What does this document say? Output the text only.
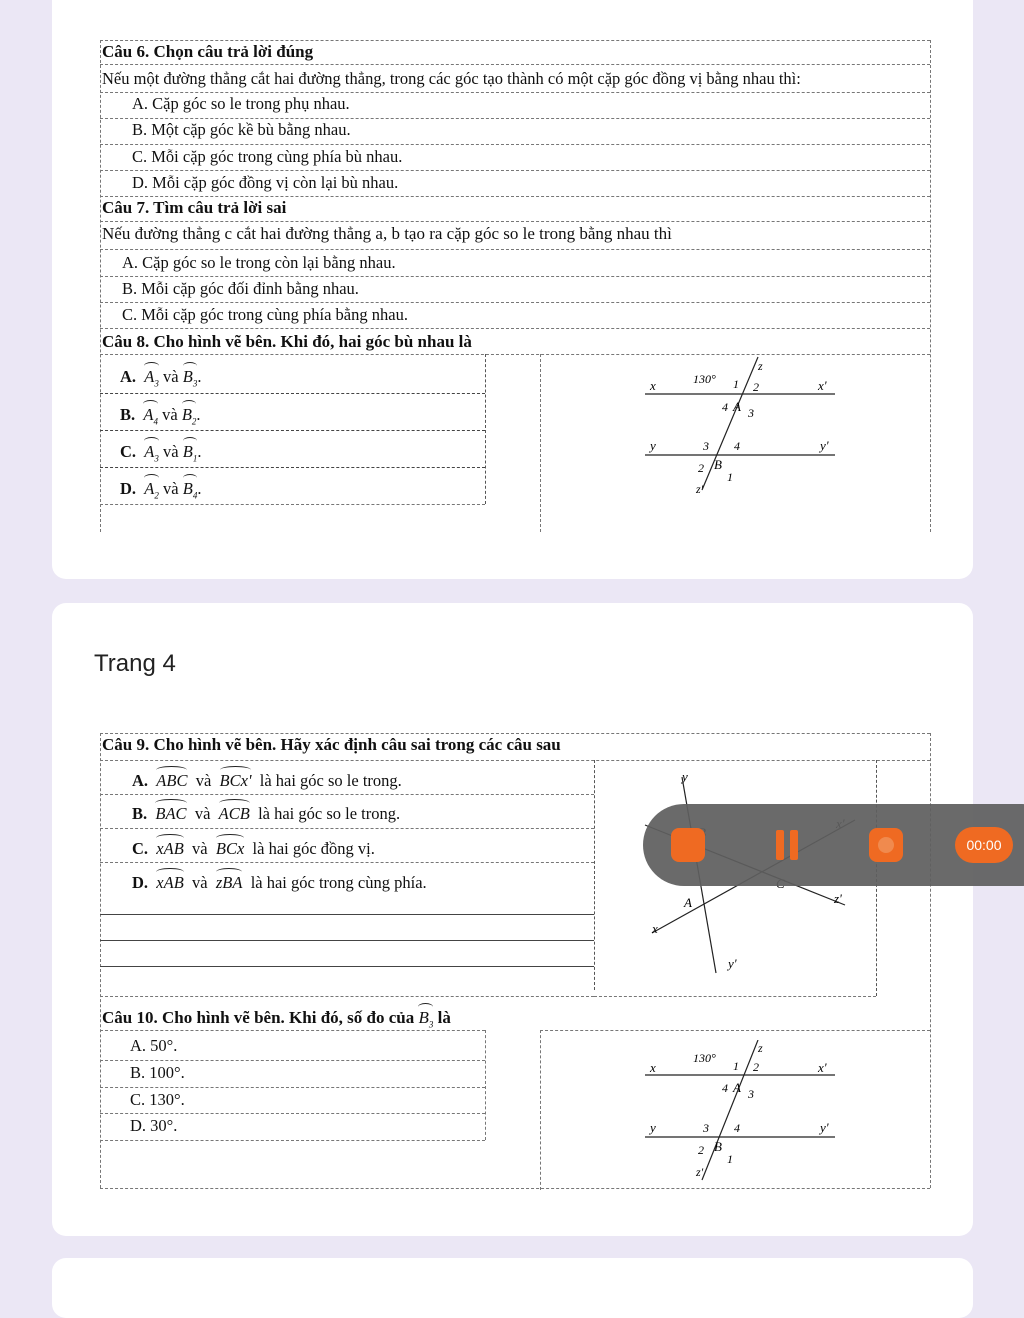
Câu 6. Chọn câu trả lời đúng
Nếu một đường thẳng cắt hai đường thẳng, trong các góc tạo thành có một cặp góc đồng vị bằng nhau thì:
A. Cặp góc so le trong phụ nhau.
B. Một cặp góc kề bù bằng nhau.
C. Mỗi cặp góc trong cùng phía bù nhau.
D. Mỗi cặp góc đồng vị còn lại bù nhau.
Câu 7. Tìm câu trả lời sai
Nếu đường thẳng c cắt hai đường thẳng a, b tạo ra cặp góc so le trong bằng nhau thì
A. Cặp góc so le trong còn lại bằng nhau.
B. Mỗi cặp góc đối đỉnh bằng nhau.
C. Mỗi cặp góc trong cùng phía bằng nhau.
Câu 8. Cho hình vẽ bên. Khi đó, hai góc bù nhau là
A. $A_3$ và $B_3$.
B. $A_4$ và $B_2$.
C. $A_3$ và $B_1$.
D. $A_2$ và $B_4$.
x	x'
130°
z
1 2
4 A 3
y	y'
3 4
2 B
1
z'
Trang 4
Câu 9. Cho hình vẽ bên. Hãy xác định câu sai trong các câu sau
A. ABC và BCx' là hai góc so le trong.
B. BAC và ACB là hai góc so le trong.
C. xAB và BCx là hai góc đồng vị.
D. xAB và zBA là hai góc trong cùng phía.
y
A	z'
x
y'
Câu 10. Cho hình vẽ bên. Khi đó, số đo của $B_3$ là
A. 50°.
B. 100°.
C. 130°.
D. 30°.
x	x'
130°
z
1 2
4 A 3
y	y'
3 4
2 B
1
z'
00:00
